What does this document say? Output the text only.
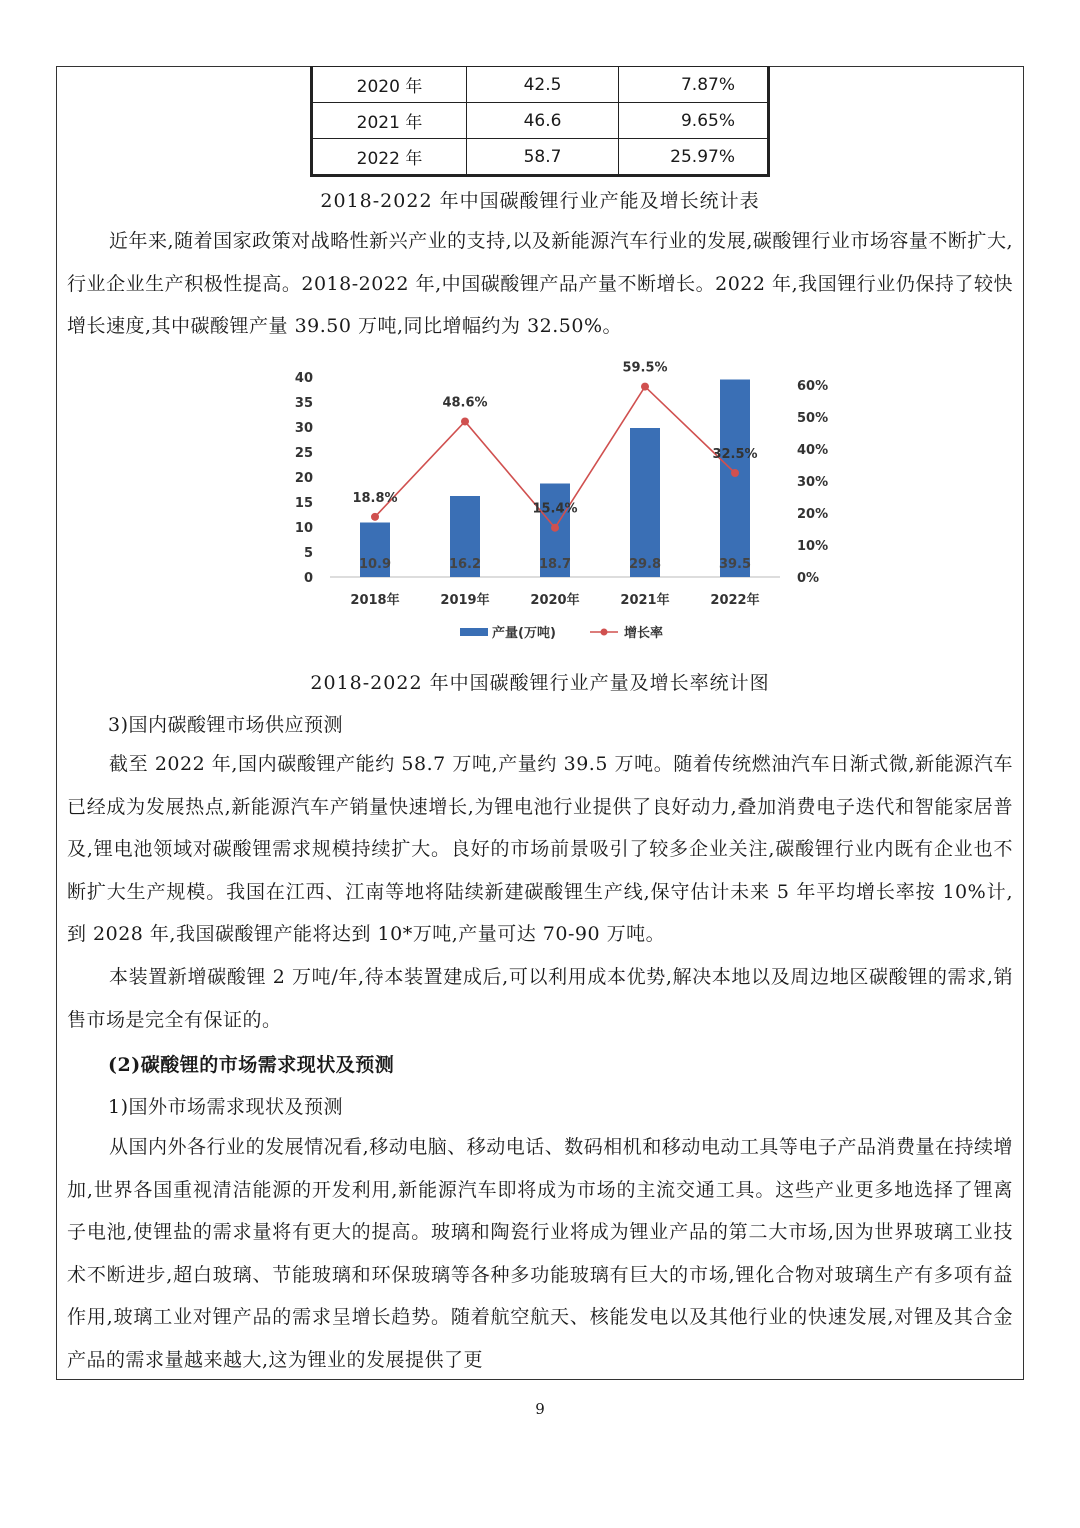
2020 年	42.5	7.87%
2021 年	46.6	9.65%
2022 年	58.7	25.97%
2018-2022 年中国碳酸锂行业产能及增长统计表

近年来,随着国家政策对战略性新兴产业的支持,以及新能源汽车行业的发展,碳酸锂行业市场容量不断扩大,行业企业生产积极性提高。2018-2022 年,中国碳酸锂产品产量不断增长。2022 年,我国锂行业仍保持了较快增长速度,其中碳酸锂产量 39.50 万吨,同比增幅约为 32.50%。

0
5
10
15
20
25
30
35
40
0%
10%
20%
30%
40%
50%
60%
10.9	16.2	18.7	29.8	39.5
2018年	2019年	2020年	2021年	2022年
18.8%
48.6%
15.4%
59.5%
32.5%
产量(万吨)	增长率
2018-2022 年中国碳酸锂行业产量及增长率统计图
3)国内碳酸锂市场供应预测

截至 2022 年,国内碳酸锂产能约 58.7 万吨,产量约 39.5 万吨。随着传统燃油汽车日渐式微,新能源汽车已经成为发展热点,新能源汽车产销量快速增长,为锂电池行业提供了良好动力,叠加消费电子迭代和智能家居普及,锂电池领域对碳酸锂需求规模持续扩大。良好的市场前景吸引了较多企业关注,碳酸锂行业内既有企业也不断扩大生产规模。我国在江西、江南等地将陆续新建碳酸锂生产线,保守估计未来 5 年平均增长率按 10%计,到 2028 年,我国碳酸锂产能将达到 10*万吨,产量可达 70-90 万吨。

本装置新增碳酸锂 2 万吨/年,待本装置建成后,可以利用成本优势,解决本地以及周边地区碳酸锂的需求,销售市场是完全有保证的。

(2)碳酸锂的市场需求现状及预测
1)国外市场需求现状及预测

从国内外各行业的发展情况看,移动电脑、移动电话、数码相机和移动电动工具等电子产品消费量在持续增加,世界各国重视清洁能源的开发利用,新能源汽车即将成为市场的主流交通工具。这些产业更多地选择了锂离子电池,使锂盐的需求量将有更大的提高。玻璃和陶瓷行业将成为锂业产品的第二大市场,因为世界玻璃工业技术不断进步,超白玻璃、节能玻璃和环保玻璃等各种多功能玻璃有巨大的市场,锂化合物对玻璃生产有多项有益作用,玻璃工业对锂产品的需求呈增长趋势。随着航空航天、核能发电以及其他行业的快速发展,对锂及其合金产品的需求量越来越大,这为锂业的发展提供了更

9
